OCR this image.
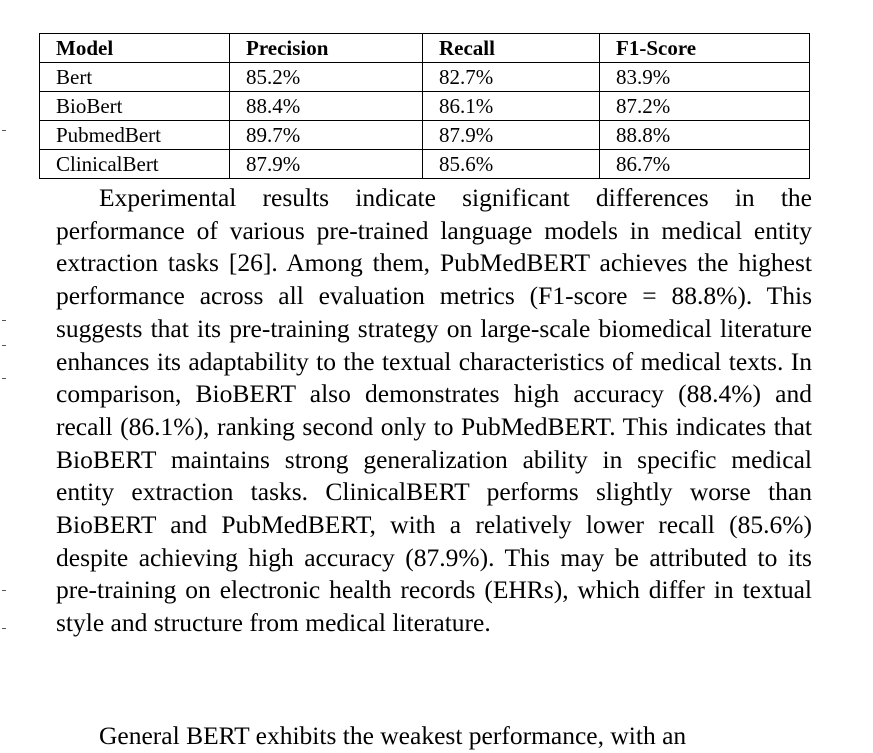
Model	Precision	Recall	F1-Score
Bert	85.2%	82.7%	83.9%
BioBert	88.4%	86.1%	87.2%
PubmedBert	89.7%	87.9%	88.8%
ClinicalBert	87.9%	85.6%	86.7%

Experimental results indicate significant differences in the performance of various pre-trained language models in medical entity extraction tasks [26]. Among them, PubMedBERT achieves the highest performance across all evaluation metrics (F1-score = 88.8%). This suggests that its pre-training strategy on large-scale biomedical literature enhances its adaptability to the textual characteristics of medical texts. In comparison, BioBERT also demonstrates high accuracy (88.4%) and recall (86.1%), ranking second only to PubMedBERT. This indicates that BioBERT maintains strong generalization ability in specific medical entity extraction tasks. ClinicalBERT performs slightly worse than BioBERT and PubMedBERT, with a relatively lower recall (85.6%) despite achieving high accuracy (87.9%). This may be attributed to its pre-training on electronic health records (EHRs), which differ in textual style and structure from medical literature.

General BERT exhibits the weakest performance, with an
